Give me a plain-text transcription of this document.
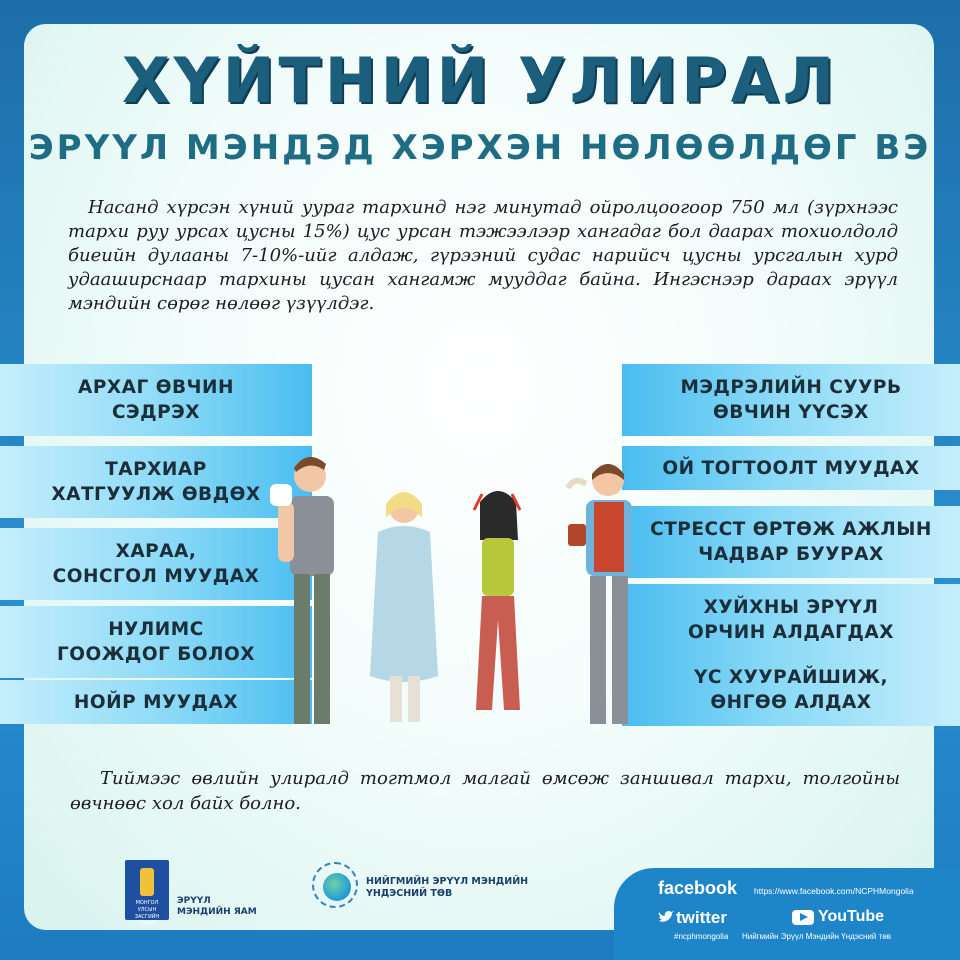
ХҮЙТНИЙ УЛИРАЛ
ЭРҮҮЛ МЭНДЭД ХЭРХЭН НӨЛӨӨЛДӨГ ВЭ

Насанд хүрсэн хүний уураг тархинд нэг минутад ойролцоогоор 750 мл (зүрхнээс тархи руу урсах цусны 15%) цус урсан тэжээлээр хангадаг бол даарах тохиолдолд биеийн дулааны 7-10%-ийг алдаж, гүрээний судас нарийсч цусны урсгалын хурд удааширснаар тархины цусан хангамж мууддаг байна. Ингэснээр дараах эрүүл мэндийн сөрөг нөлөөг үзүүлдэг.

АРХАГ ӨВЧИН
СЭДРЭХ
ТАРХИАР
ХАТГУУЛЖ ӨВДӨХ
ХАРАА,
СОНСГОЛ МУУДАХ
НУЛИМС
ГООЖДОГ БОЛОХ
НОЙР МУУДАХ
МЭДРЭЛИЙН СУУРЬ
ӨВЧИН ҮҮСЭХ
ОЙ ТОГТООЛТ МУУДАХ
СТРЕССТ ӨРТӨЖ АЖЛЫН
ЧАДВАР БУУРАХ
ХУЙХНЫ ЭРҮҮЛ
ОРЧИН АЛДАГДАХ
ҮС ХУУРАЙШИЖ,
ӨНГӨӨ АЛДАХ

Тиймээс өвлийн улиралд тогтмол малгай өмсөж заншивал тархи, толгойны өвчнөөс хол байх болно.

МОНГОЛ УЛСЫН
ЗАСГИЙН ГАЗАР
ЭРҮҮЛ
МЭНДИЙН ЯАМ
НИЙГМИЙН ЭРҮҮЛ МЭНДИЙН
ҮНДЭСНИЙ ТӨВ	facebook https://www.facebook.com/NCPHMongolia
twitter
#ncphmongolia
YouTube
Нийгмийн Эрүүл Мэндийн Үндэсний төв
